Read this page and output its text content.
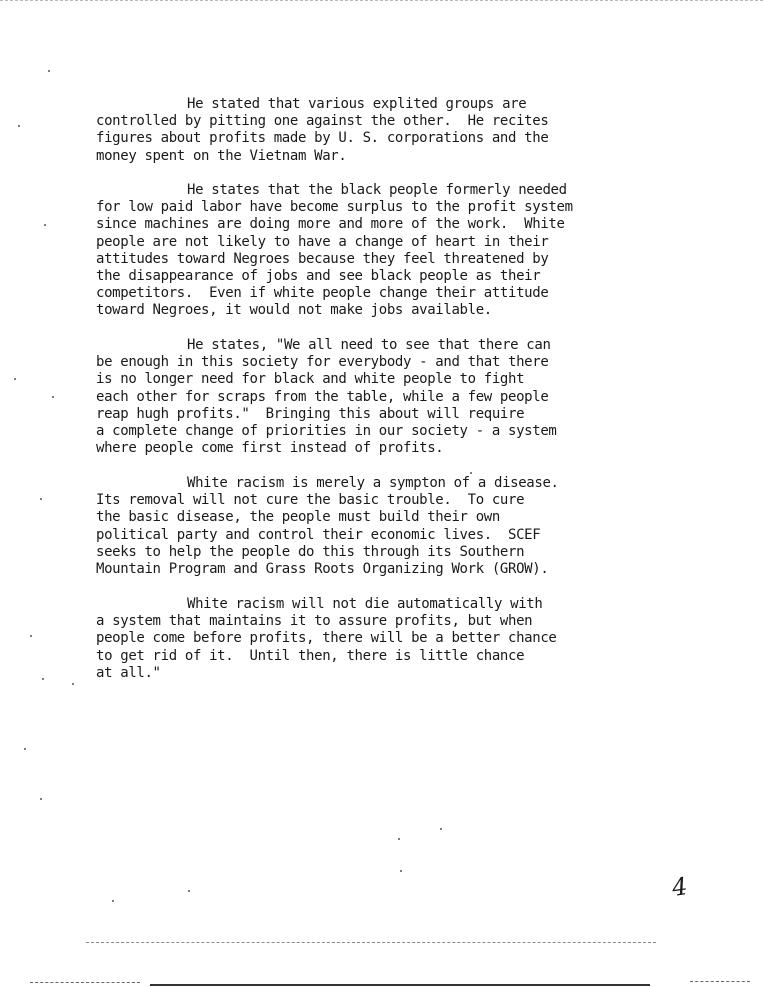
He stated that various explited groups are

controlled by pitting one against the other.  He recites

figures about profits made by U. S. corporations and the

money spent on the Vietnam War.

He states that the black people formerly needed

for low paid labor have become surplus to the profit system

since machines are doing more and more of the work.  White

people are not likely to have a change of heart in their

attitudes toward Negroes because they feel threatened by

the disappearance of jobs and see black people as their

competitors.  Even if white people change their attitude

toward Negroes, it would not make jobs available.

He states, "We all need to see that there can

be enough in this society for everybody - and that there

is no longer need for black and white people to fight

each other for scraps from the table, while a few people

reap hugh profits."  Bringing this about will require

a complete change of priorities in our society - a system

where people come first instead of profits.

White racism is merely a sympton of a disease.

Its removal will not cure the basic trouble.  To cure

the basic disease, the people must build their own

political party and control their economic lives.  SCEF

seeks to help the people do this through its Southern

Mountain Program and Grass Roots Organizing Work (GROW).

White racism will not die automatically with

a system that maintains it to assure profits, but when

people come before profits, there will be a better chance

to get rid of it.  Until then, there is little chance

at all."

4
